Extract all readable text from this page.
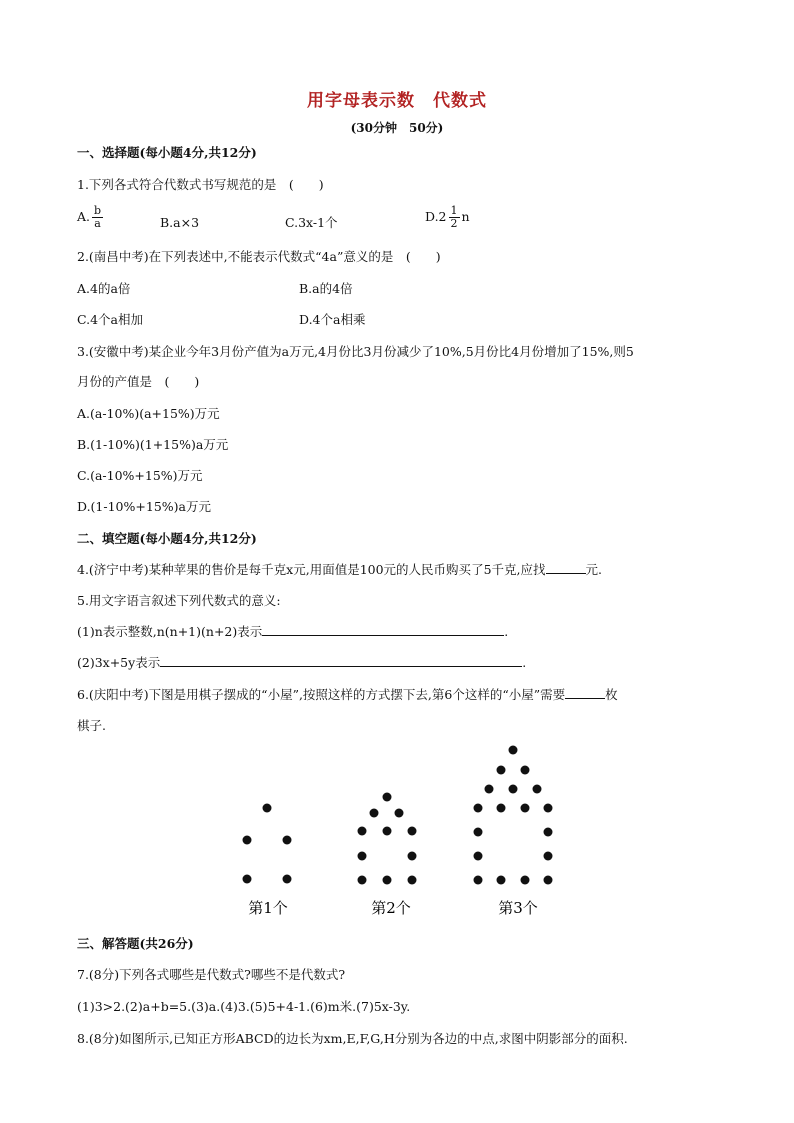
用字母表示数　代数式
(30分钟　50分)
一、选择题(每小题4分,共12分)
1.下列各式符合代数式书写规范的是　(　　)
A. $\frac{b}{a}$	B.a×3	C.3x-1个	$D.2 \frac{1}{2}$ n
2.(南昌中考)在下列表述中,不能表示代数式“4a”意义的是　(　　)
A.4的a倍	B.a的4倍
C.4个a相加	D.4个a相乘
3.(安徽中考)某企业今年3月份产值为a万元,4月份比3月份减少了10%,5月份比4月份增加了15%,则5
月份的产值是　(　　)
A.(a-10%)(a+15%)万元
B.(1-10%)(1+15%)a万元
C.(a-10%+15%)万元
D.(1-10%+15%)a万元
二、填空题(每小题4分,共12分)
4.(济宁中考)某种苹果的售价是每千克x元,用面值是100元的人民币购买了5千克,应找	元.
5.用文字语言叙述下列代数式的意义:
(1)n表示整数,n(n+1)(n+2)表示	.
(2)3x+5y表示	.
6.(庆阳中考)下图是用棋子摆成的“小屋”,按照这样的方式摆下去,第6个这样的“小屋”需要	枚
棋子.
第1个	第2个	第3个
三、解答题(共26分)
7.(8分)下列各式哪些是代数式?哪些不是代数式?
(1)3>2.(2)a+b=5.(3)a.(4)3.(5)5+4-1.(6)m米.(7)5x-3y.
8.(8分)如图所示,已知正方形ABCD的边长为xm,E,F,G,H分别为各边的中点,求图中阴影部分的面积.
